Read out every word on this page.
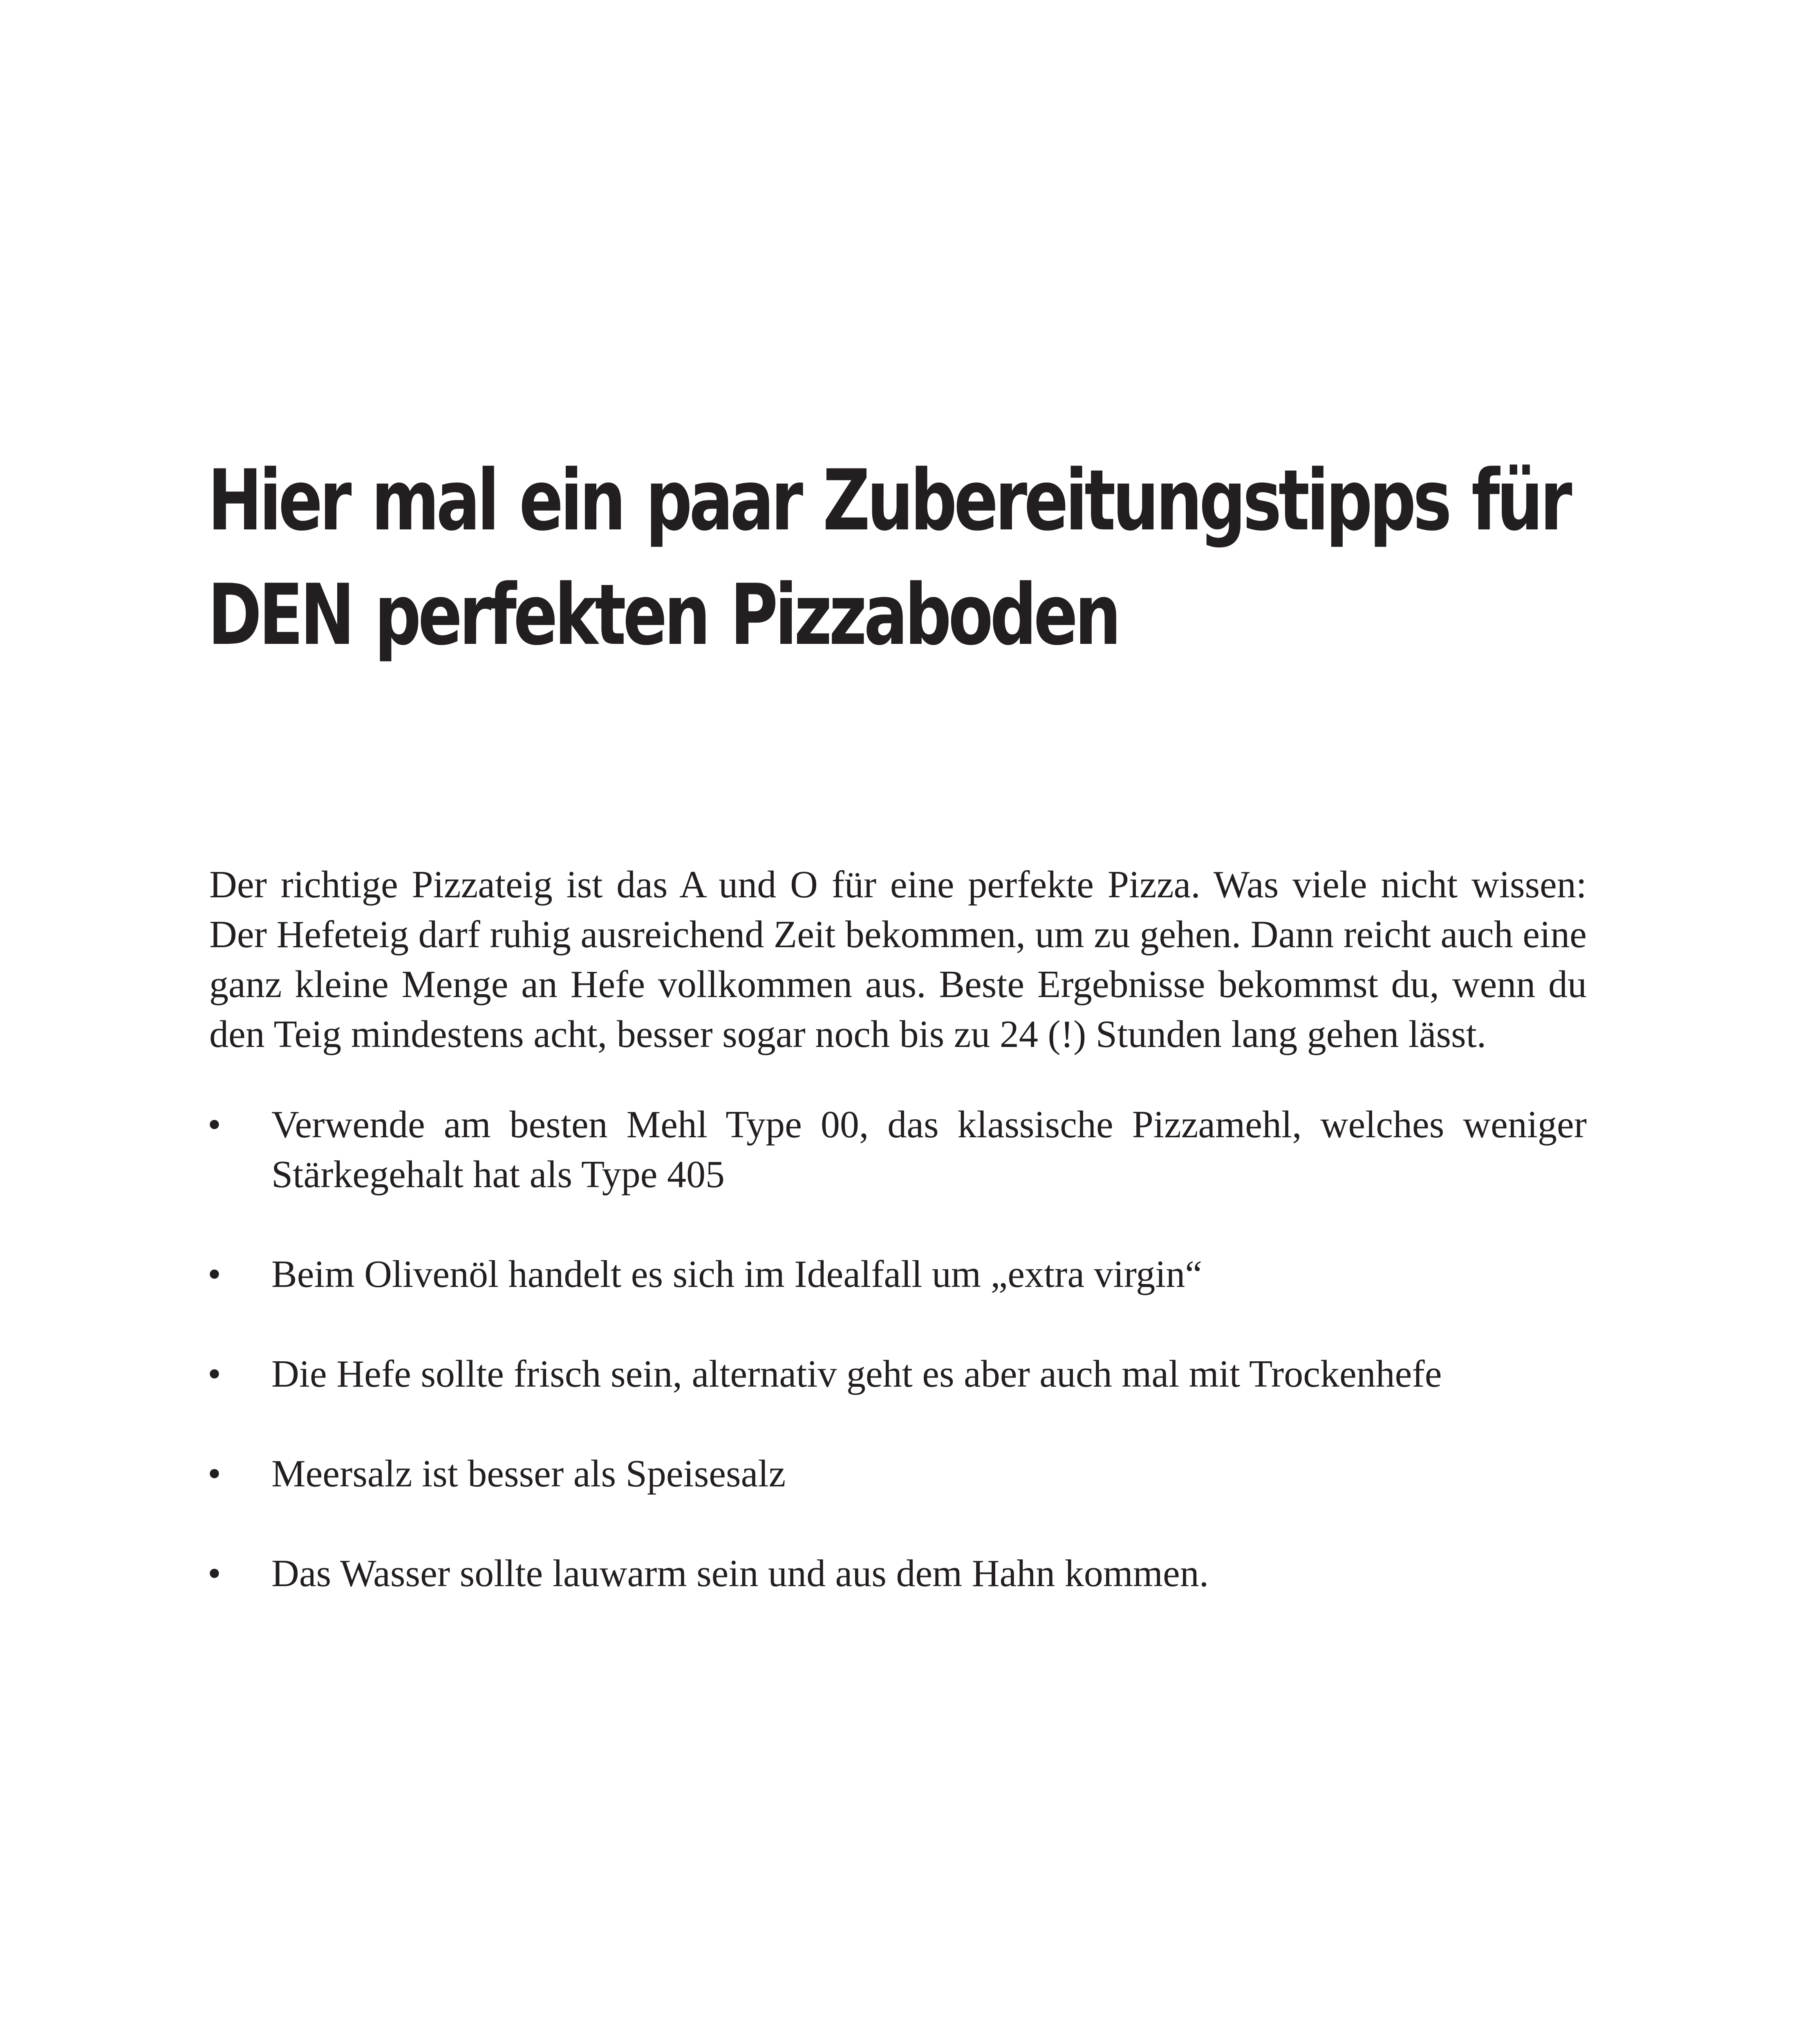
Hier mal ein paar Zubereitungstipps für
DEN perfekten Pizzaboden

Der richtige Pizzateig ist das A und O für eine perfekte Pizza. Was viele nicht wissen: Der Hefeteig darf ruhig ausreichend Zeit bekommen, um zu gehen. Dann reicht auch eine ganz kleine Menge an Hefe vollkommen aus. Beste Ergebnisse bekommst du, wenn du den Teig mindestens acht, besser sogar noch bis zu 24 (!) Stunden lang gehen lässt.

• Verwende am besten Mehl Type 00, das klassische Pizzamehl, welches weniger Stärkegehalt hat als Type 405
• Beim Olivenöl handelt es sich im Idealfall um „extra virgin“
• Die Hefe sollte frisch sein, alternativ geht es aber auch mal mit Trockenhefe
• Meersalz ist besser als Speisesalz
• Das Wasser sollte lauwarm sein und aus dem Hahn kommen.
